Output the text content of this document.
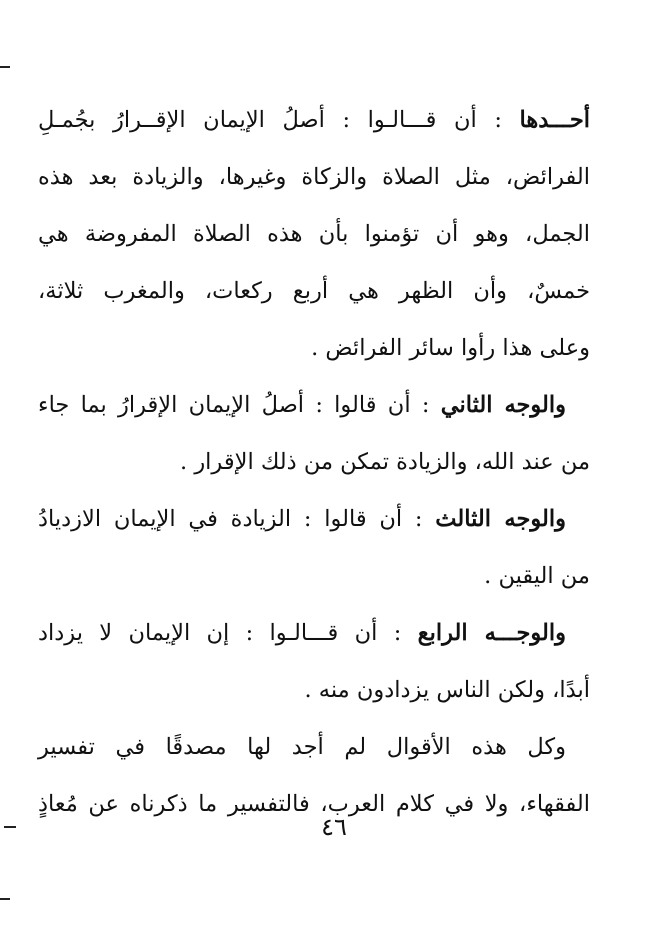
أحـــدها : أن قـــالـوا : أصلُ الإيمان الإقــرارُ بجُمـلِ
الفرائض، مثل الصلاة والزكاة وغيرها، والزيادة بعد هذه
الجمل، وهو أن تؤمنوا بأن هذه الصلاة المفروضة هي
خمسٌ، وأن الظهر هي أربع ركعات، والمغرب ثلاثة،
وعلى هذا رأوا سائر الفرائض .
والوجه الثاني : أن قالوا : أصلُ الإيمان الإقرارُ بما جاء
من عند الله، والزيادة تمكن من ذلك الإقرار .
والوجه الثالث : أن قالوا : الزيادة في الإيمان الازديادُ
من اليقين .
والوجـــه الرابع : أن قـــالـوا : إن الإيمان لا يزداد
أبدًا، ولكن الناس يزدادون منه .
وكل هذه الأقوال لم أجد لها مصدقًا في تفسير
الفقهاء، ولا في كلام العرب، فالتفسير ما ذكرناه عن مُعاذٍ
٤٦
